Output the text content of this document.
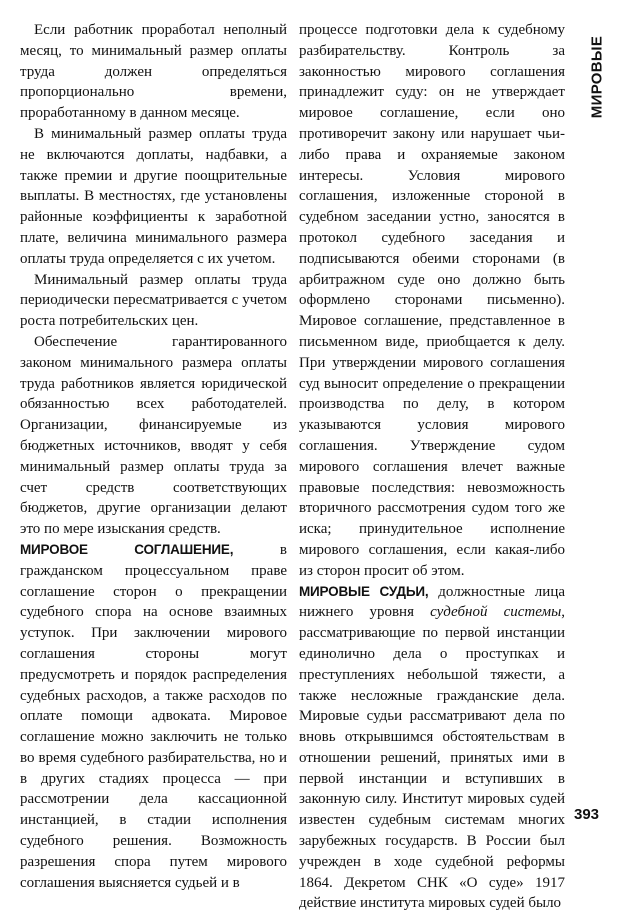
Если работник проработал неполный месяц, то минимальный размер оплаты труда должен определяться пропорционально времени, проработанному в данном месяце.

В минимальный размер оплаты труда не включаются доплаты, надбавки, а также премии и другие поощрительные выплаты. В местностях, где установлены районные коэффициенты к заработной плате, величина минимального размера оплаты труда определяется с их учетом.

Минимальный размер оплаты труда периодически пересматривается с учетом роста потребительских цен.

Обеспечение гарантированного законом минимального размера оплаты труда работников является юридической обязанностью всех работодателей. Организации, финансируемые из бюджетных источников, вводят у себя минимальный размер оплаты труда за счет средств соответствующих бюджетов, другие организации делают это по мере изыскания средств.

МИРОВОЕ СОГЛАШЕНИЕ, в гражданском процессуальном праве соглашение сторон о прекращении судебного спора на основе взаимных уступок. При заключении мирового соглашения стороны могут предусмотреть и порядок распределения судебных расходов, а также расходов по оплате помощи адвоката. Мировое соглашение можно заключить не только во время судебного разбирательства, но и в других стадиях процесса — при рассмотрении дела кассационной инстанцией, в стадии исполнения судебного решения. Возможность разрешения спора путем мирового соглашения выясняется судьей и в

процессе подготовки дела к судебному разбирательству. Контроль за законностью мирового соглашения принадлежит суду: он не утверждает мировое соглашение, если оно противоречит закону или нарушает чьи-либо права и охраняемые законом интересы. Условия мирового соглашения, изложенные стороной в судебном заседании устно, заносятся в протокол судебного заседания и подписываются обеими сторонами (в арбитражном суде оно должно быть оформлено сторонами письменно). Мировое соглашение, представленное в письменном виде, приобщается к делу. При утверждении мирового соглашения суд выносит определение о прекращении производства по делу, в котором указываются условия мирового соглашения. Утверждение судом мирового соглашения влечет важные правовые последствия: невозможность вторичного рассмотрения судом того же иска; принудительное исполнение мирового соглашения, если какая-либо из сторон просит об этом.

МИРОВЫЕ СУДЬИ, должностные лица нижнего уровня судебной системы, рассматривающие по первой инстанции единолично дела о проступках и преступлениях небольшой тяжести, а также несложные гражданские дела. Мировые судьи рассматривают дела по вновь открывшимся обстоятельствам в отношении решений, принятых ими в первой инстанции и вступивших в законную силу. Институт мировых судей известен судебным системам многих зарубежных государств. В России был учрежден в ходе судебной реформы 1864. Декретом СНК «О суде» 1917 действие института мировых судей было

МИРОВЫЕ
393
